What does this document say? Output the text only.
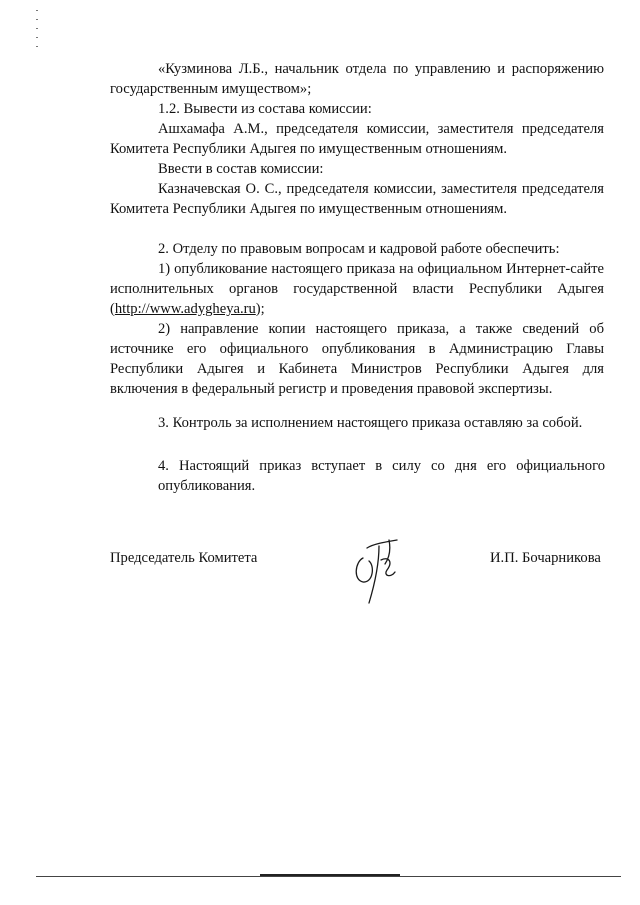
«Кузминова Л.Б., начальник отдела по управлению и распоряжению государственным имуществом»;

1.2. Вывести из состава комиссии:

Ашхамафа А.М., председателя комиссии, заместителя председателя Комитета Республики Адыгея по имущественным отношениям.

Ввести в состав комиссии:

Казначевская О. С., председателя комиссии, заместителя председателя Комитета Республики Адыгея по имущественным отношениям.

2. Отделу по правовым вопросам и кадровой работе обеспечить:

1) опубликование настоящего приказа на официальном Интернет-сайте исполнительных органов государственной власти Республики Адыгея (http://www.adygheya.ru);

2) направление копии настоящего приказа, а также сведений об источнике его официального опубликования в Администрацию Главы Республики Адыгея и Кабинета Министров Республики Адыгея для включения в федеральный регистр и проведения правовой экспертизы.

3. Контроль за исполнением настоящего приказа оставляю за собой.

4. Настоящий приказ вступает в силу со дня его официального опубликования.

Председатель Комитета	И.П. Бочарникова
